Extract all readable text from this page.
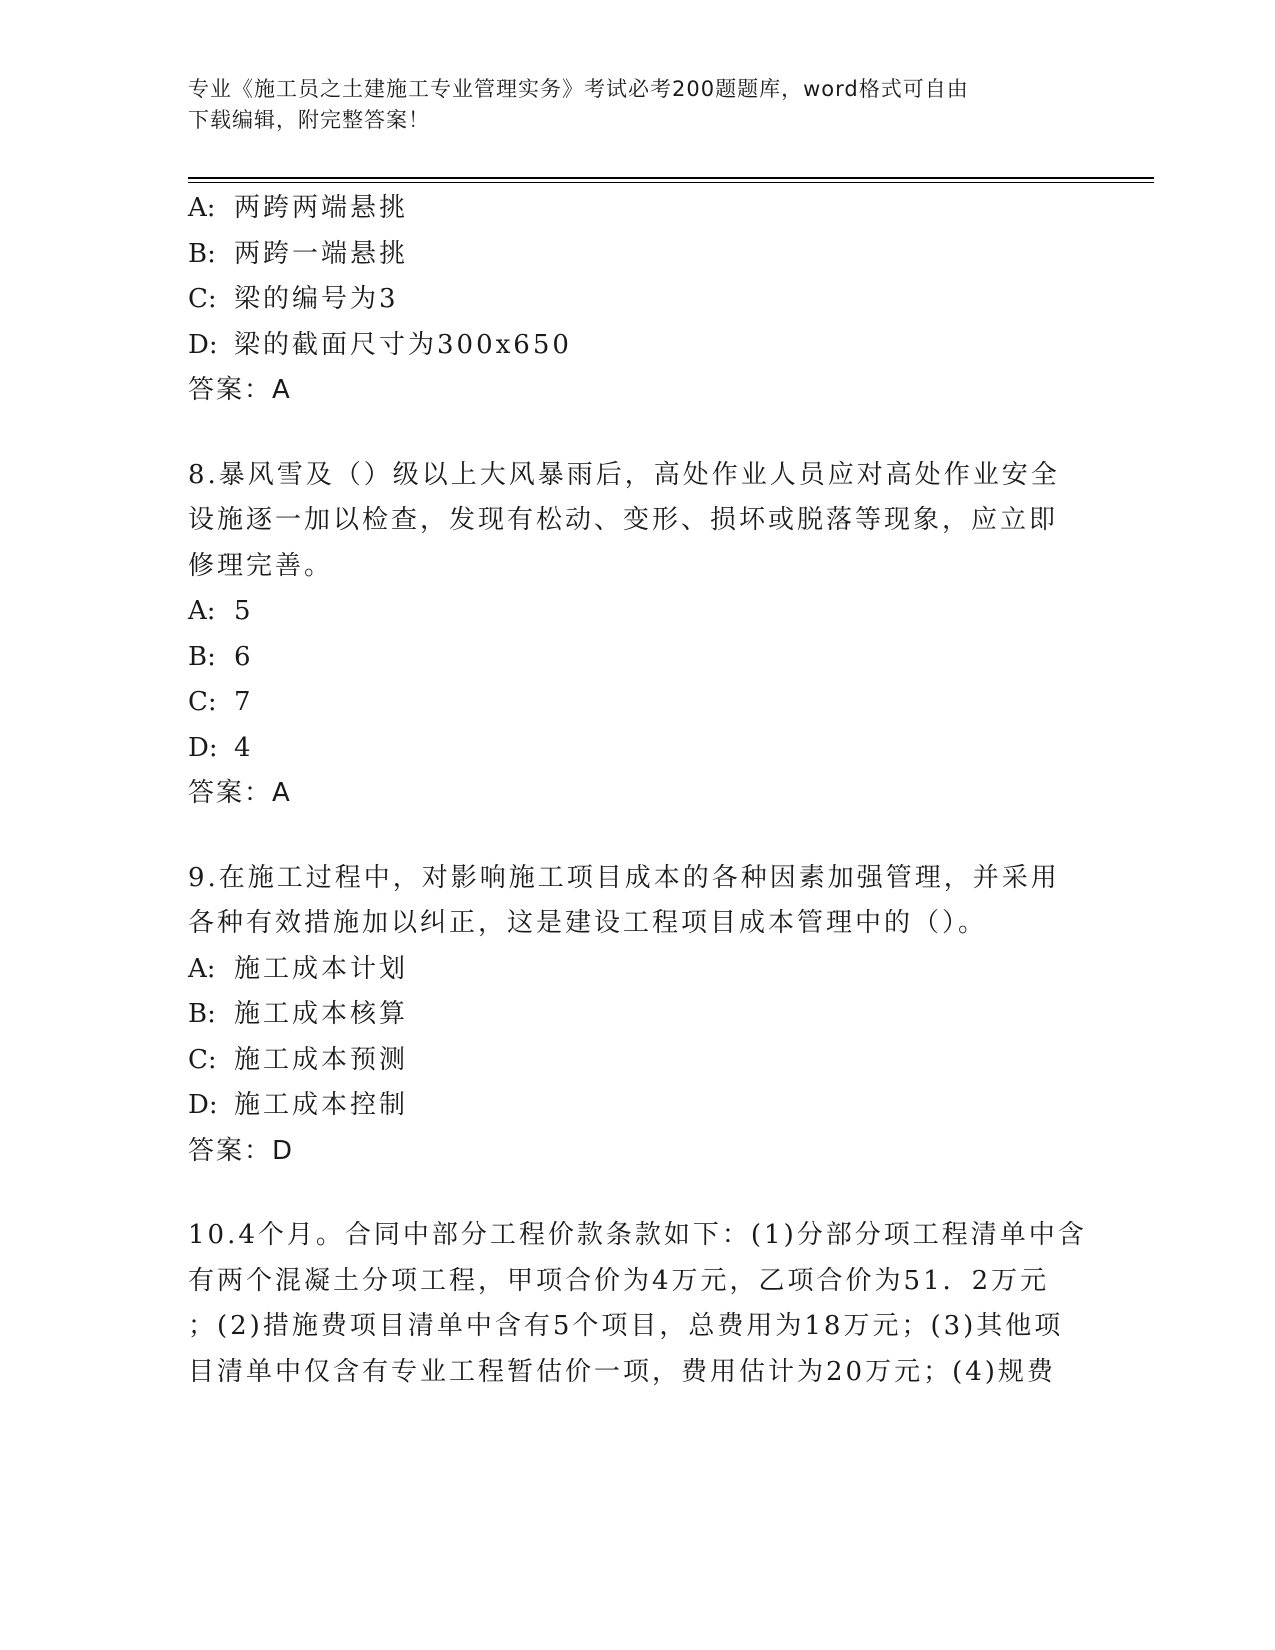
专业《施工员之土建施工专业管理实务》考试必考200题题库，word格式可自由
下载编辑，附完整答案！
A: 两跨两端悬挑
B: 两跨一端悬挑
C: 梁的编号为3
D: 梁的截面尺寸为300x650
答案：A
8.暴风雪及（）级以上大风暴雨后，高处作业人员应对高处作业安全
设施逐一加以检查，发现有松动、变形、损坏或脱落等现象，应立即
修理完善。
A: 5
B: 6
C: 7
D: 4
答案：A
9.在施工过程中，对影响施工项目成本的各种因素加强管理，并采用
各种有效措施加以纠正，这是建设工程项目成本管理中的（）。
A: 施工成本计划
B: 施工成本核算
C: 施工成本预测
D: 施工成本控制
答案：D
10.4个月。合同中部分工程价款条款如下：(1)分部分项工程清单中含
有两个混凝土分项工程，甲项合价为4万元，乙项合价为51．2万元
；(2)措施费项目清单中含有5个项目，总费用为18万元；(3)其他项
目清单中仅含有专业工程暂估价一项，费用估计为20万元；(4)规费
